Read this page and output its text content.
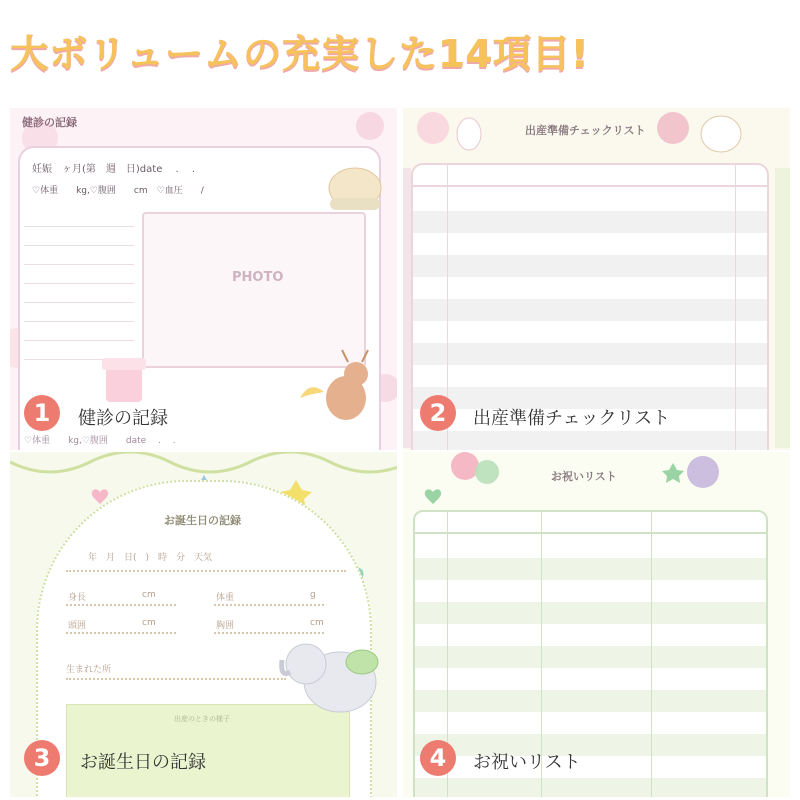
大ボリュームの充実した14項目!
健診の記録
妊娠　ヶ月(第　週　日)date　 .　 .
♡体重　　kg,♡腹囲　　cm　♡血圧　　/
PHOTO
♡体重　　kg,♡腹囲　　date　 .　 .
1	健診の記録
出産準備チェックリスト
2	出産準備チェックリスト
お誕生日の記録
年　月　日(　)　時　分　天気
身長	cm	体重	g
頭囲	cm	胸囲	cm
生まれた所
出産のときの様子
3	お誕生日の記録
お祝いリスト
4	お祝いリスト
